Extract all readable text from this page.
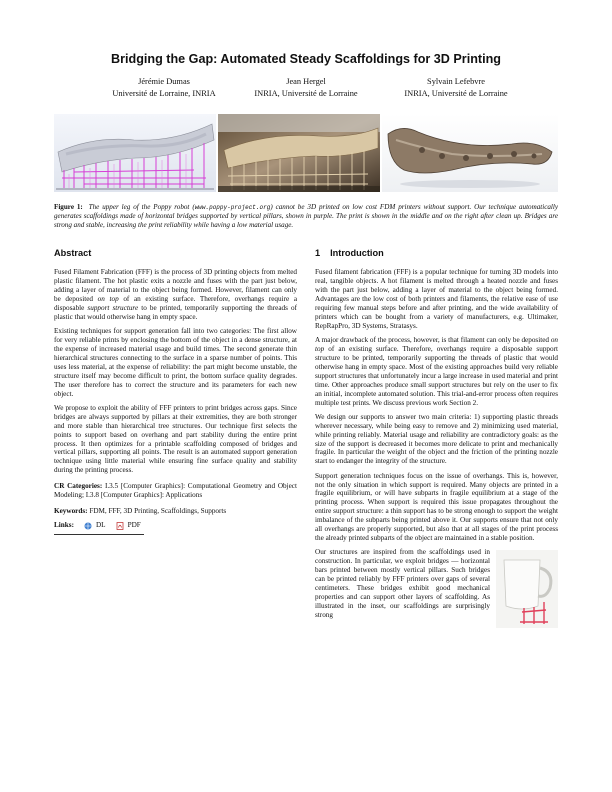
Bridging the Gap: Automated Steady Scaffoldings for 3D Printing
Jérémie Dumas
Université de Lorraine, INRIA
Jean Hergel
INRIA, Université de Lorraine
Sylvain Lefebvre
INRIA, Université de Lorraine
Figure 1: The upper leg of the Poppy robot (www.poppy-project.org) cannot be 3D printed on low cost FDM printers without support. Our technique automatically generates scaffoldings made of horizontal bridges supported by vertical pillars, shown in purple. The print is shown in the middle and on the right after clean up. Bridges are strong and stable, increasing the print reliability while having a low material usage.
Abstract

Fused Filament Fabrication (FFF) is the process of 3D printing objects from melted plastic filament. The hot plastic exits a nozzle and fuses with the part just below, adding a layer of material to the object being formed. However, filament can only be deposited on top of an existing surface. Therefore, overhangs require a disposable support structure to be printed, temporarily supporting the threads of plastic that would otherwise hang in empty space.

Existing techniques for support generation fall into two categories: The first allow for very reliable prints by enclosing the bottom of the object in a dense structure, at the expense of increased material usage and build times. The second generate thin hierarchical structures connecting to the surface in a sparse number of points. This uses less material, at the expense of reliability: the part might become unstable, the structure itself may become difficult to print, the bottom surface quality degrades. The user therefore has to correct the structure and its parameters for each new object.

We propose to exploit the ability of FFF printers to print bridges across gaps. Since bridges are always supported by pillars at their extremities, they are both stronger and more stable than hierarchical tree structures. Our technique first selects the points to support based on overhang and part stability during the entire print process. It then optimizes for a printable scaffolding composed of bridges and vertical pillars, supporting all points. The result is an automated support generation technique using little material while ensuring fine surface quality and stability during the printing process.

CR Categories: I.3.5 [Computer Graphics]: Computational Geometry and Object Modeling; I.3.8 [Computer Graphics]: Applications

Keywords: FDM, FFF, 3D Printing, Scaffoldings, Supports

Links:	DL	PDF
1 Introduction

Fused filament fabrication (FFF) is a popular technique for turning 3D models into real, tangible objects. A hot filament is melted through a heated nozzle and fuses with the part just below, adding a layer of material to the object being formed. Advantages are the low cost of both printers and filaments, the relative ease of use requiring few manual steps before and after printing, and the wide availability of printers which can be bought from a variety of manufacturers, e.g. Ultimaker, RepRapPro, 3D Systems, Stratasys.

A major drawback of the process, however, is that filament can only be deposited on top of an existing surface. Therefore, overhangs require a disposable support structure to be printed, temporarily supporting the threads of plastic that would otherwise hang in empty space. Most of the existing approaches build very reliable support structures that unfortunately incur a large increase in used material and print time. Other approaches produce small support structures but rely on the user to fix an initial, incomplete automated solution. This trial-and-error process often requires multiple test prints. We discuss previous work Section 2.

We design our supports to answer two main criteria: 1) supporting plastic threads wherever necessary, while being easy to remove and 2) minimizing used material, while printing reliably. Material usage and reliability are contradictory goals: as the size of the support is decreased it becomes more delicate to print and mechanically fragile. In particular the weight of the object and the friction of the printing nozzle start to endanger the integrity of the structure.

Support generation techniques focus on the issue of overhangs. This is, however, not the only situation in which support is required. Many objects are printed in a fragile equilibrium, or will have subparts in fragile equilibrium at a stage of the printing process. When support is required this issue propagates throughout the entire support structure: a thin support has to be strong enough to support the weight imbalance of the subparts being printed above it. Our supports ensure that not only all overhangs are properly supported, but also that at all stages of the print process the already printed subparts of the object are maintained in a stable position.

Our structures are inspired from the scaffoldings used in construction. In particular, we exploit bridges — horizontal bars printed between mostly vertical pillars. Such bridges can be printed reliably by FFF printers over gaps of several centimeters. These bridges exhibit good mechanical properties and can support other layers of scaffolding. As illustrated in the inset, our scaffoldings are surprisingly strong
